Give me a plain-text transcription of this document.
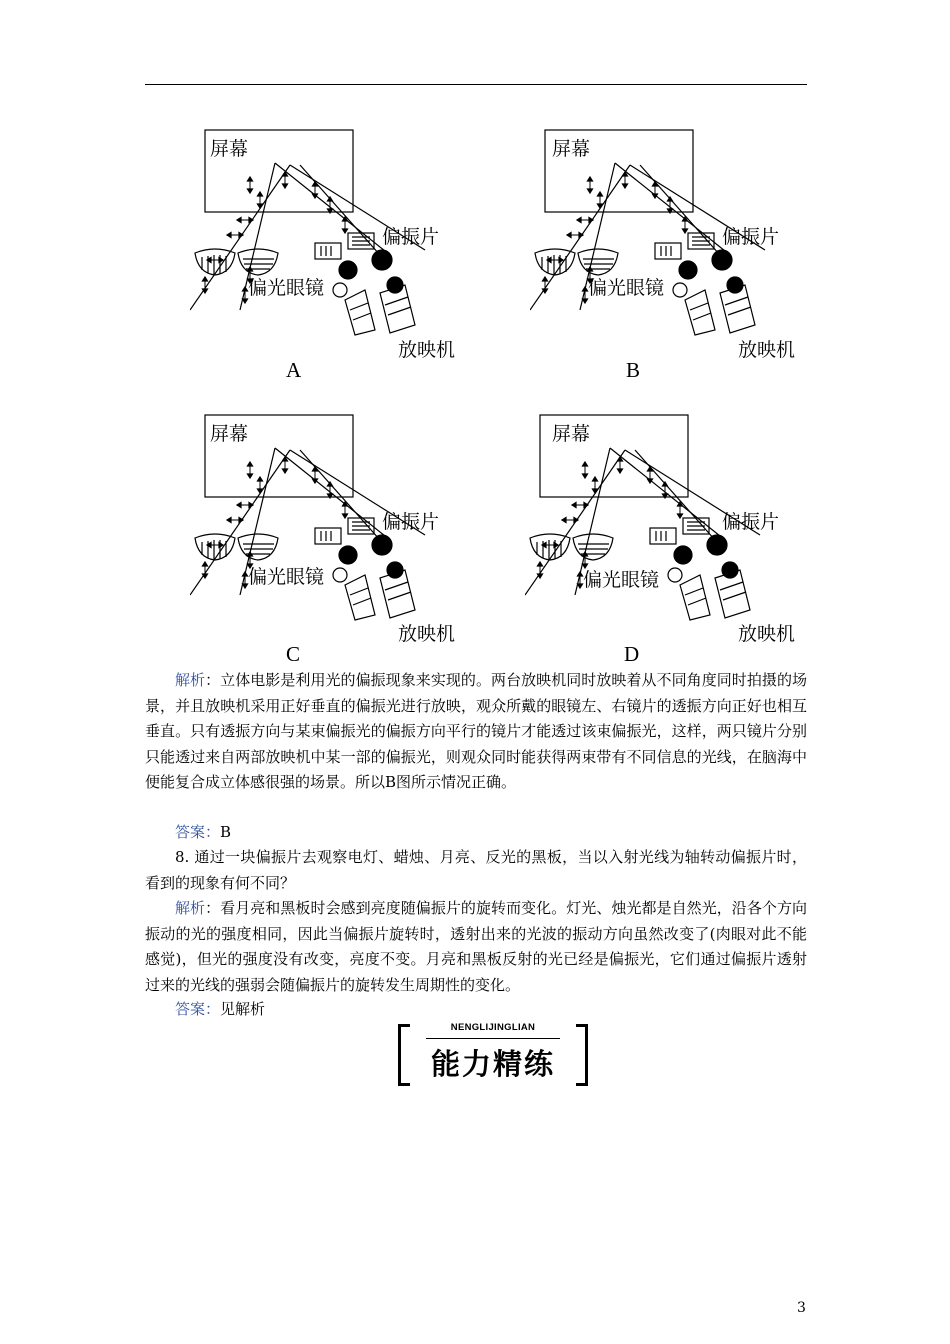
屏幕
偏振片
偏光眼镜
放映机
A
屏幕
偏振片
偏光眼镜
放映机
B
屏幕
偏振片
偏光眼镜
放映机
C
屏幕
偏振片
偏光眼镜
放映机
D
解析：立体电影是利用光的偏振现象来实现的。两台放映机同时放映着从不同角度同时拍摄的场景，并且放映机采用正好垂直的偏振光进行放映，观众所戴的眼镜左、右镜片的透振方向正好也相互垂直。只有透振方向与某束偏振光的偏振方向平行的镜片才能透过该束偏振光，这样，两只镜片分别只能透过来自两部放映机中某一部的偏振光，则观众同时能获得两束带有不同信息的光线，在脑海中便能复合成立体感很强的场景。所以B图所示情况正确。
答案：B
8. 通过一块偏振片去观察电灯、蜡烛、月亮、反光的黑板，当以入射光线为轴转动偏振片时，看到的现象有何不同？
解析：看月亮和黑板时会感到亮度随偏振片的旋转而变化。灯光、烛光都是自然光，沿各个方向振动的光的强度相同，因此当偏振片旋转时，透射出来的光波的振动方向虽然改变了(肉眼对此不能感觉)，但光的强度没有改变，亮度不变。月亮和黑板反射的光已经是偏振光，它们通过偏振片透射过来的光线的强弱会随偏振片的旋转发生周期性的变化。
答案：见解析
NENGLIJINGLIAN
能力精练
3
